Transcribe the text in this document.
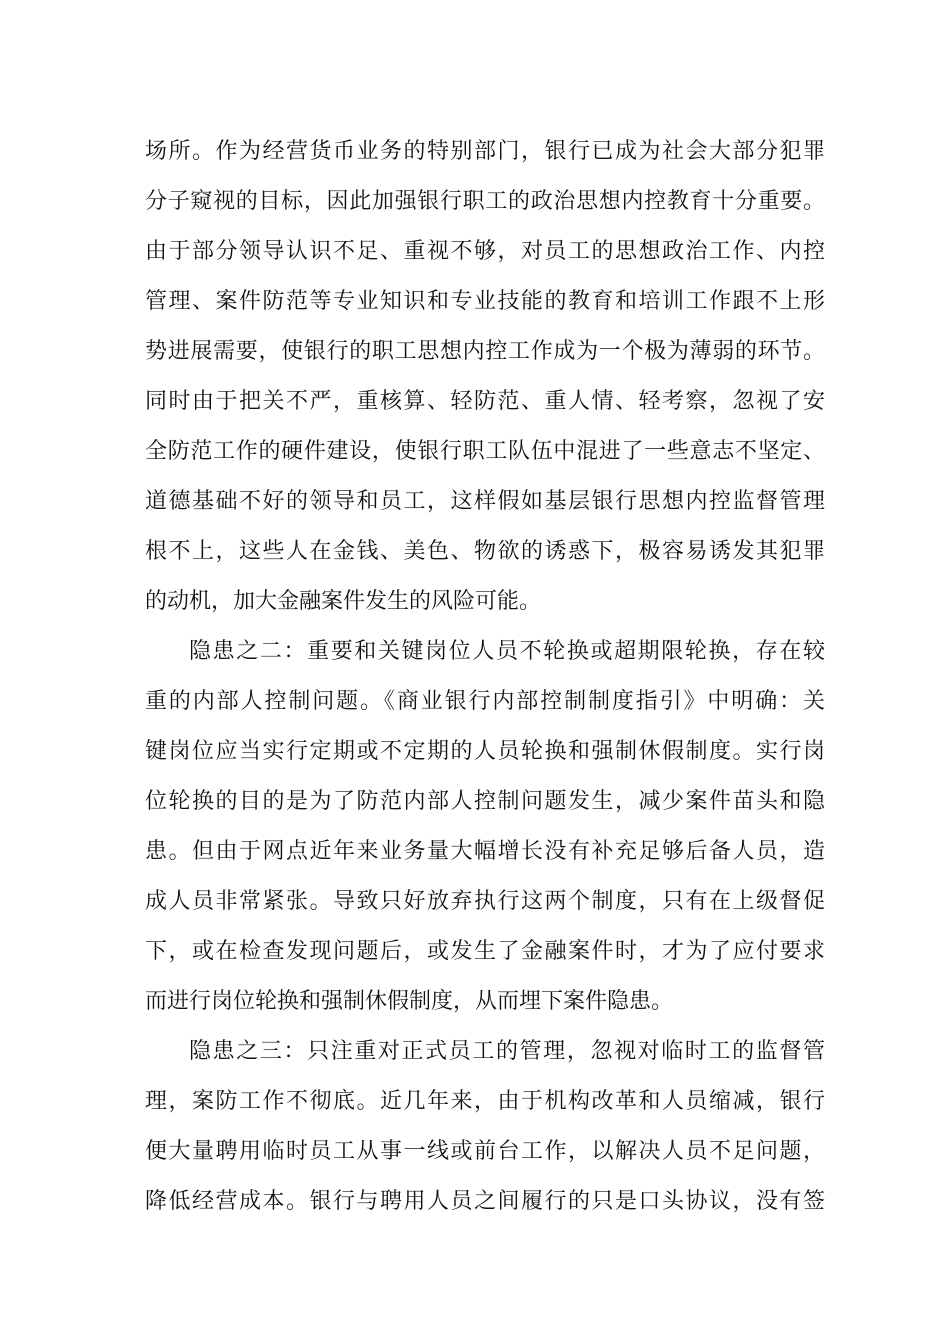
场所。作为经营货币业务的特别部门，银行已成为社会大部分犯罪
分子窥视的目标，因此加强银行职工的政治思想内控教育十分重要。
由于部分领导认识不足、重视不够，对员工的思想政治工作、内控
管理、案件防范等专业知识和专业技能的教育和培训工作跟不上形
势进展需要，使银行的职工思想内控工作成为一个极为薄弱的环节。
同时由于把关不严，重核算、轻防范、重人情、轻考察，忽视了安
全防范工作的硬件建设，使银行职工队伍中混进了一些意志不坚定、
道德基础不好的领导和员工，这样假如基层银行思想内控监督管理
根不上，这些人在金钱、美色、物欲的诱惑下，极容易诱发其犯罪
的动机，加大金融案件发生的风险可能。
隐患之二：重要和关键岗位人员不轮换或超期限轮换，存在较
重的内部人控制问题。《商业银行内部控制制度指引》中明确：关
键岗位应当实行定期或不定期的人员轮换和强制休假制度。实行岗
位轮换的目的是为了防范内部人控制问题发生，减少案件苗头和隐
患。但由于网点近年来业务量大幅增长没有补充足够后备人员，造
成人员非常紧张。导致只好放弃执行这两个制度，只有在上级督促
下，或在检查发现问题后，或发生了金融案件时，才为了应付要求
而进行岗位轮换和强制休假制度，从而埋下案件隐患。
隐患之三：只注重对正式员工的管理，忽视对临时工的监督管
理，案防工作不彻底。近几年来，由于机构改革和人员缩减，银行
便大量聘用临时员工从事一线或前台工作，以解决人员不足问题，
降低经营成本。银行与聘用人员之间履行的只是口头协议，没有签
